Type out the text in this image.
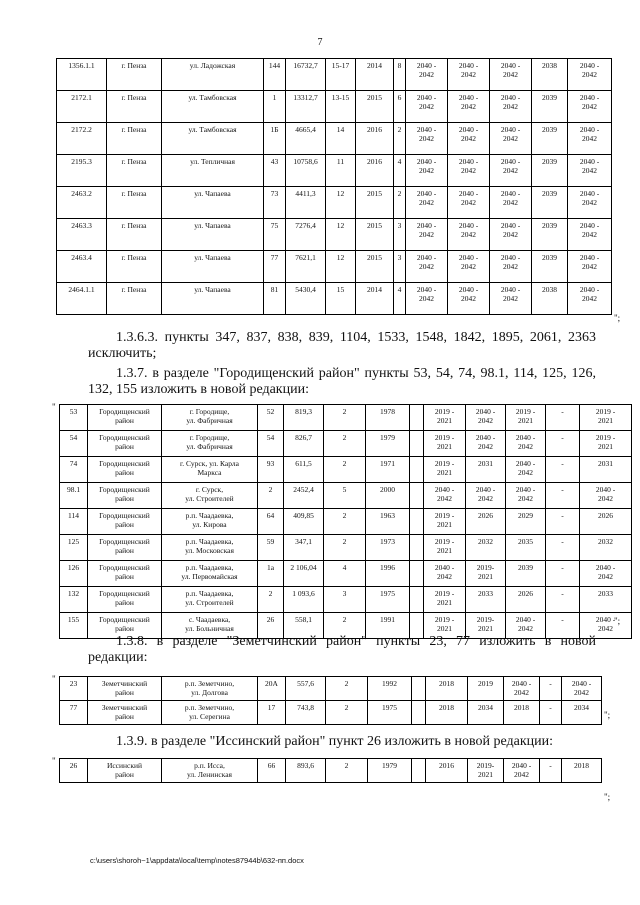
7
1356.1.1	г. Пенза	ул. Ладожская	144	16732,7	15-17	2014	8	2040 -
2042	2040 -
2042	2040 -
2042	2038	2040 -
2042
2172.1	г. Пенза	ул. Тамбовская	1	13312,7	13-15	2015	6	2040 -
2042	2040 -
2042	2040 -
2042	2039	2040 -
2042
2172.2	г. Пенза	ул. Тамбовская	1Б	4665,4	14	2016	2	2040 -
2042	2040 -
2042	2040 -
2042	2039	2040 -
2042
2195.3	г. Пенза	ул. Тепличная	43	10758,6	11	2016	4	2040 -
2042	2040 -
2042	2040 -
2042	2039	2040 -
2042
2463.2	г. Пенза	ул. Чапаева	73	4411,3	12	2015	2	2040 -
2042	2040 -
2042	2040 -
2042	2039	2040 -
2042
2463.3	г. Пенза	ул. Чапаева	75	7276,4	12	2015	3	2040 -
2042	2040 -
2042	2040 -
2042	2039	2040 -
2042
2463.4	г. Пенза	ул. Чапаева	77	7621,1	12	2015	3	2040 -
2042	2040 -
2042	2040 -
2042	2039	2040 -
2042
2464.1.1	г. Пенза	ул. Чапаева	81	5430,4	15	2014	4	2040 -
2042	2040 -
2042	2040 -
2042	2038	2040 -
2042
";

1.3.6.3. пункты 347, 837, 838, 839, 1104, 1533, 1548, 1842, 1895, 2061, 2363 исключить;

1.3.7. в разделе "Городищенский район" пункты 53, 54, 74, 98.1, 114, 125, 126, 132, 155 изложить в новой редакции:

" 53	Городищенский
район	г. Городище,
ул. Фабричная	52	819,3	2	1978		2019 -
2021	2040 -
2042	2019 -
2021	-	2019 -
2021
54	Городищенский
район	г. Городище,
ул. Фабричная	54	826,7	2	1979		2019 -
2021	2040 -
2042	2040 -
2042	-	2019 -
2021
74	Городищенский
район	г. Сурск, ул. Карла
Маркса	93	611,5	2	1971		2019 -
2021	2031	2040 -
2042	-	2031
98.1	Городищенский
район	г. Сурск,
ул. Строителей	2	2452,4	5	2000		2040 -
2042	2040 -
2042	2040 -
2042	-	2040 -
2042
114	Городищенский
район	р.п. Чаадаевка,
ул. Кирова	64	409,85	2	1963		2019 -
2021	2026	2029	-	2026
125	Городищенский
район	р.п. Чаадаевка,
ул. Московская	59	347,1	2	1973		2019 -
2021	2032	2035	-	2032
126	Городищенский
район	р.п. Чаадаевка,
ул. Первомайская	1а	2 106,04	4	1996		2040 -
2042	2019-
2021	2039	-	2040 -
2042
132	Городищенский
район	р.п. Чаадаевка,
ул. Строителей	2	1 093,6	3	1975		2019 -
2021	2033	2026	-	2033
155	Городищенский
район	с. Чаадаевка,
ул. Больничная	26	558,1	2	1991		2019 -
2021	2019-
2021	2040 -
2042	-	2040 -
2042
";

1.3.8. в разделе "Земетчинский район" пункты 23, 77 изложить в новой редакции:

" 23	Земетчинский
район	р.п. Земетчино,
ул. Долгова	20А	557,6	2	1992		2018	2019	2040 -
2042	-	2040 -
2042
77	Земетчинский
район	р.п. Земетчино,
ул. Серегина	17	743,8	2	1975		2018	2034	2018	-	2034
";

1.3.9. в разделе "Иссинский район" пункт 26 изложить в новой редакции:

" 26	Иссинский
район	р.п. Исса,
ул. Ленинская	66	893,6	2	1979		2016	2019-
2021	2040 -
2042	-	2018
";
c:\users\shoroh~1\appdata\local\temp\notes87944b\632-пп.docx
